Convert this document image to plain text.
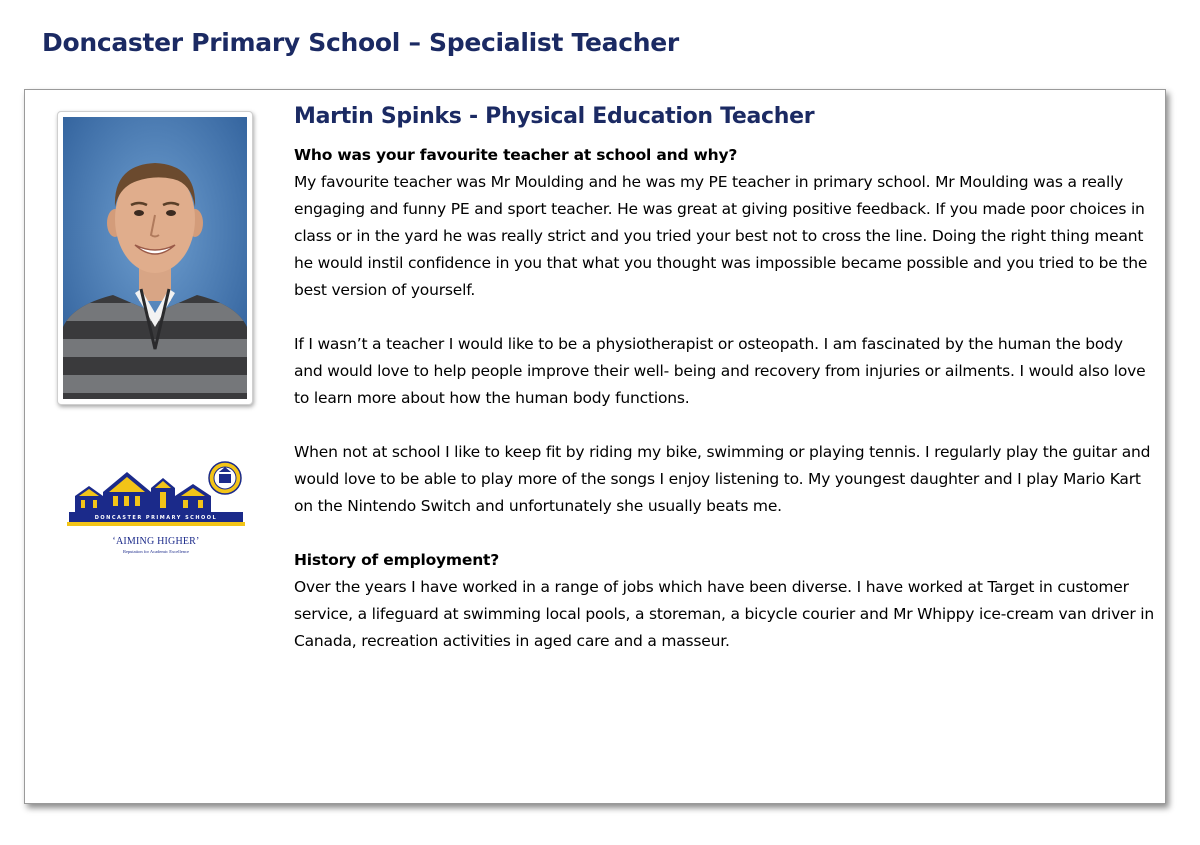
Doncaster Primary School – Specialist Teacher
DONCASTER PRIMARY SCHOOL
‘AIMING HIGHER’
Reputation for Academic Excellence
Martin Spinks - Physical Education Teacher

Who was your favourite teacher at school and why?

My favourite teacher was Mr Moulding and he was my PE teacher in primary school. Mr Moulding was a really engaging and funny PE and sport teacher. He was great at giving positive feedback. If you made poor choices in class or in the yard he was really strict and you tried your best not to cross the line. Doing the right thing meant he would instil confidence in you that what you thought was impossible became possible and you tried to be the best version of yourself.

If I wasn’t a teacher I would like to be a physiotherapist or osteopath. I am fascinated by the human the body and would love to help people improve their well- being and recovery from injuries or ailments. I would also love to learn more about how the human body functions.

When not at school I like to keep fit by riding my bike, swimming or playing tennis. I regularly play the guitar and would love to be able to play more of the songs I enjoy listening to. My youngest daughter and I play Mario Kart on the Nintendo Switch and unfortunately she usually beats me.

History of employment?

Over the years I have worked in a range of jobs which have been diverse. I have worked at Target in customer service, a lifeguard at swimming local pools, a storeman, a bicycle courier and Mr Whippy ice-cream van driver in Canada, recreation activities in aged care and a masseur.
